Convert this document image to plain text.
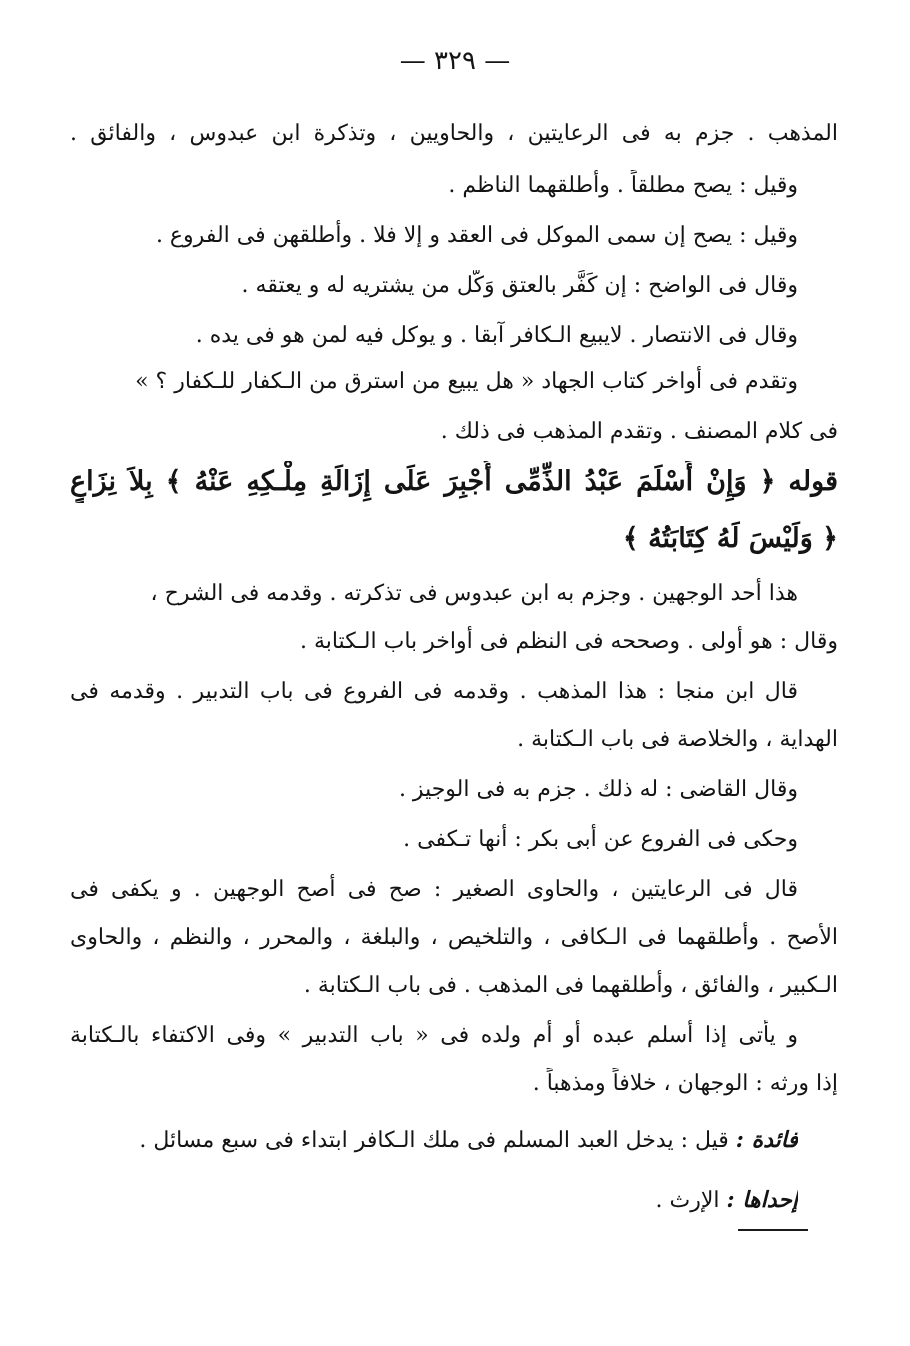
— ٣٢٩ —
المذهب . جزم به فى الرعايتين ، والحاويين ، وتذكرة ابن عبدوس ، والفائق .
وقيل : يصح مطلقاً . وأطلقهما الناظم .
وقيل : يصح إن سمى الموكل فى العقد و إلا فلا . وأطلقهن فى الفروع .
وقال فى الواضح : إن كَفَّر بالعتق وَكَّل من يشتريه له و يعتقه .
وقال فى الانتصار . لايبيع الـكافر آبقا . و يوكل فيه لمن هو فى يده .
وتقدم فى أواخر كتاب الجهاد « هل يبيع من استرق من الـكفار للـكفار ؟ »
فى كلام المصنف . وتقدم المذهب فى ذلك .
قوله ﴿ وَإِنْ أَسْلَمَ عَبْدُ الذِّمِّى أُجْبِرَ عَلَى إِزَالَةِ مِلْـكِهِ عَنْهُ ﴾ بِلاَ نِزَاعٍ
﴿ وَلَيْسَ لَهُ كِتَابَتُهُ ﴾
هذا أحد الوجهين . وجزم به ابن عبدوس فى تذكرته . وقدمه فى الشرح ،
وقال : هو أولى . وصححه فى النظم فى أواخر باب الـكتابة .
قال ابن منجا : هذا المذهب . وقدمه فى الفروع فى باب التدبير . وقدمه فى
الهداية ، والخلاصة فى باب الـكتابة .
وقال القاضى : له ذلك . جزم به فى الوجيز .
وحكى فى الفروع عن أبى بكر : أنها تـكفى .
قال فى الرعايتين ، والحاوى الصغير : صح فى أصح الوجهين . و يكفى فى
الأصح . وأطلقهما فى الـكافى ، والتلخيص ، والبلغة ، والمحرر ، والنظم ، والحاوى
الـكبير ، والفائق ، وأطلقهما فى المذهب . فى باب الـكتابة .
و يأتى إذا أسلم عبده أو أم ولده فى « باب التدبير » وفى الاكتفاء بالـكتابة
إذا ورثه : الوجهان ، خلافاً ومذهباً .
فائدة : قيل : يدخل العبد المسلم فى ملك الـكافر ابتداء فى سبع مسائل .
إحداها : الإرث .
